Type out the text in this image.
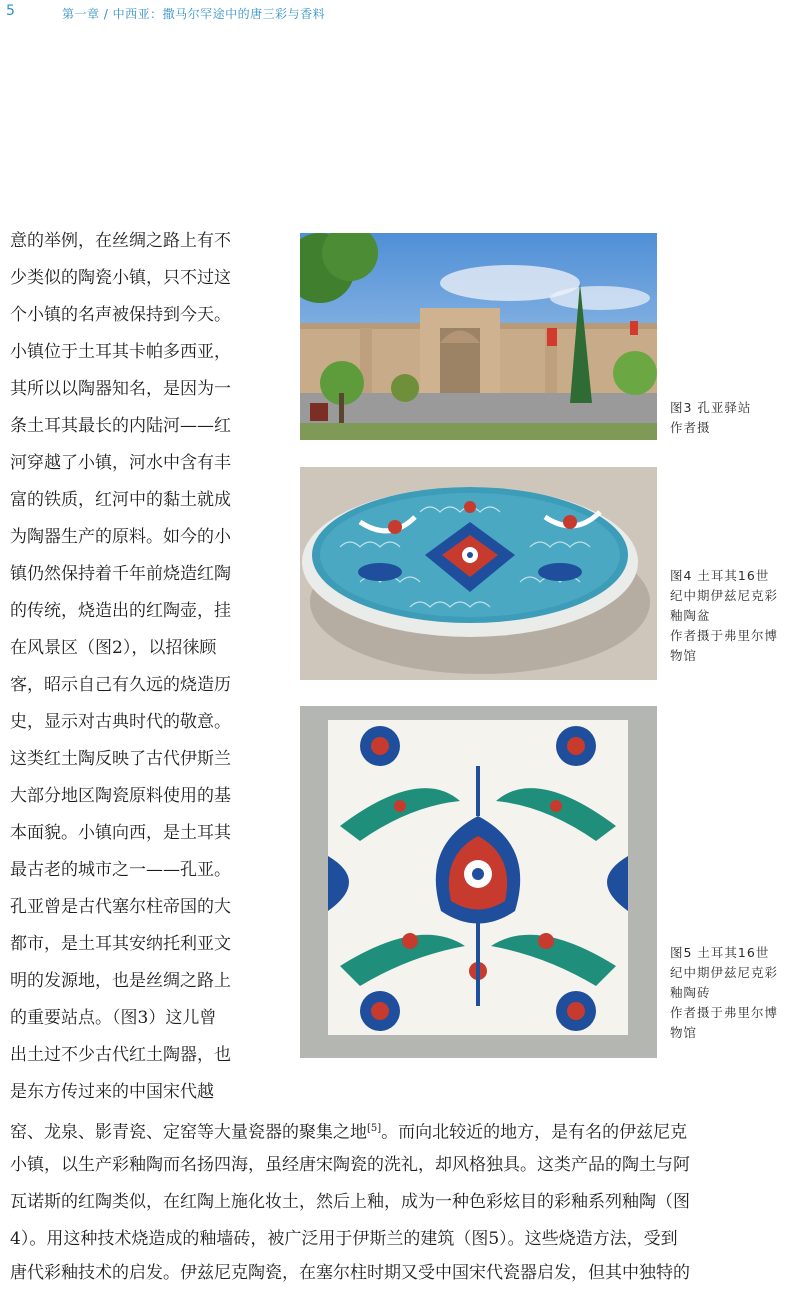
5	第一章 / 中西亚：撒马尔罕途中的唐三彩与香料
意的举例，在丝绸之路上有不
少类似的陶瓷小镇，只不过这
个小镇的名声被保持到今天。
小镇位于土耳其卡帕多西亚，
其所以以陶器知名，是因为一
条土耳其最长的内陆河——红
河穿越了小镇，河水中含有丰
富的铁质，红河中的黏土就成
为陶器生产的原料。如今的小
镇仍然保持着千年前烧造红陶
的传统，烧造出的红陶壶，挂
在风景区（图2），以招徕顾
客，昭示自己有久远的烧造历
史，显示对古典时代的敬意。
这类红土陶反映了古代伊斯兰
大部分地区陶瓷原料使用的基
本面貌。小镇向西，是土耳其
最古老的城市之一——孔亚。
孔亚曾是古代塞尔柱帝国的大
都市，是土耳其安纳托利亚文
明的发源地，也是丝绸之路上
的重要站点。（图3）这儿曾
出土过不少古代红土陶器，也
是东方传过来的中国宋代越
窑、龙泉、影青瓷、定窑等大量瓷器的聚集之地[5]。而向北较近的地方，是有名的伊兹尼克
小镇，以生产彩釉陶而名扬四海，虽经唐宋陶瓷的洗礼，却风格独具。这类产品的陶土与阿
瓦诺斯的红陶类似，在红陶上施化妆土，然后上釉，成为一种色彩炫目的彩釉系列釉陶（图
4）。用这种技术烧造成的釉墙砖，被广泛用于伊斯兰的建筑（图5）。这些烧造方法，受到
唐代彩釉技术的启发。伊兹尼克陶瓷，在塞尔柱时期又受中国宋代瓷器启发，但其中独特的
图3 孔亚驿站
作者摄
图4 土耳其16世
纪中期伊兹尼克彩
釉陶盆
作者摄于弗里尔博
物馆
图5 土耳其16世
纪中期伊兹尼克彩
釉陶砖
作者摄于弗里尔博
物馆
